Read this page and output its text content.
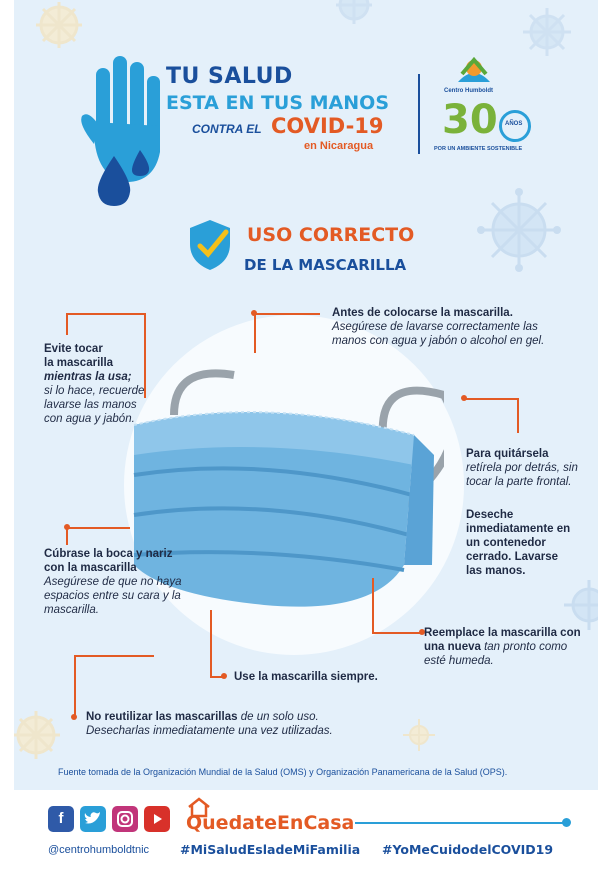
TU SALUD
ESTA EN TUS MANOS
CONTRA EL COVID-19
en Nicaragua
Centro Humboldt
30 AÑOS
POR UN AMBIENTE SOSTENIBLE
USO CORRECTO
DE LA MASCARILLA
Antes de colocarse la mascarilla.
Asegúrese de lavarse correctamente las manos con agua y jabón o alcohol en gel.
Evite tocar
la mascarilla
mientras la usa;
si lo hace, recuerde lavarse las manos con agua y jabón.
Para quitársela
retírela por detrás, sin tocar la parte frontal.
Deseche inmediatamente en un contenedor cerrado. Lavarse las manos.
Cúbrase la boca y nariz con la mascarilla
Asegúrese de que no haya espacios entre su cara y la mascarilla.
Reemplace la mascarilla con una nueva tan pronto como esté humeda.
Use la mascarilla siempre.
No reutilizar las mascarillas de un solo uso.
Desecharlas inmediatamente una vez utilizadas.
Fuente tomada de la Organización Mundial de la Salud (OMS) y Organización Panamericana de la Salud (OPS).
f	QuedateEnCasa
@centrohumboldtnic #MiSaludEsladeMiFamilia #YoMeCuidodelCOVID19
